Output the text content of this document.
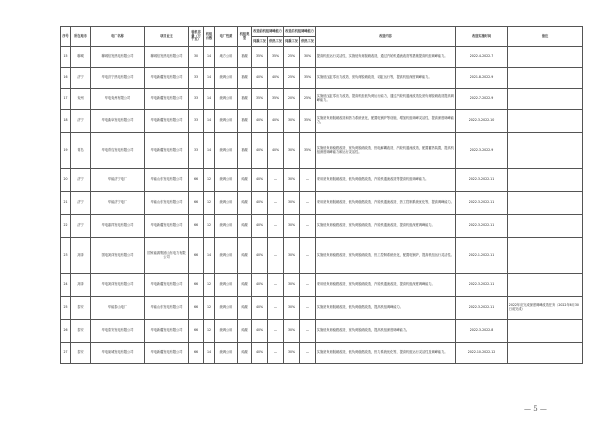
序号	所在地市	电厂名称	项目业主	装机容量（万千瓦）	机组台数	电厂性质	机组类型	改造前机组调峰能力		改造后机组调峰能力		改造内容	改造实施时间	备注
								纯凝工况	供热工况	纯凝工况	供热工况			
15	聊城	聊城信发热电有限公司	聊城信发热电有限公司	30	14	地方公用	抽凝	35%	35%	25%	30%	提高机组运行灵活性，实施低负荷脱硝改造，通过汽轮机通流改造等措施提高机组调峰能力。	2022.4-2022.7	
16	济宁	华电济宁热电有限公司	华电新疆发电有限公司	33	14	统调公用	抽凝	40%	40%	25%	35%	实施低压缸零出力改造、宽负荷脱硝改造、切缸运行等，提高机组深度调峰能力。	2021.8-2022.9	
17	兖州	华电兖州有限公司	华电新疆发电有限公司	33	14	统调公用	抽凝	35%	35%	20%	25%	实施低压缸零出力改造，提高机组低负荷运行能力，通过汽轮机通流改造及宽负荷脱硝改造提高调峰能力。	2022.7-2022.9	
18	济宁	华电曲阜发电有限公司	华电新疆发电有限公司	33	14	统调公用	抽凝	40%	40%	30%	35%	实施宽负荷脱硝改造和热力系统优化，配置电锅炉等设施，增加机组调峰灵活性，提高深度调峰能力。	2022.3-2022.10	
19	青岛	华电青岛发电有限公司	华电新疆发电有限公司	33	14	统调公用	抽凝	40%	40%	30%	35%	实施低负荷稳燃改造、宽负荷脱硝改造、热电解耦改造、汽轮机通流改造，配置蓄热装置，提高机组深度调峰能力和运行灵活性。	2022.3-2022.9	
20	济宁	华能济宁电厂	华能山东发电有限公司	66	12	统调公用	纯凝	40%	—	30%	—	采用宽负荷脱硝改造，低负荷稳燃改造，汽轮机通流改造等提高机组调峰能力。	2022.3-2022.11	
21	济宁	华能济宁电厂	华能山东发电有限公司	66	12	统调公用	纯凝	40%	—	30%	—	采用宽负荷脱硝改造、低负荷稳燃改造、汽轮机通流改造、热工控制系统优化等，提高调峰能力。	2022.3-2022.11	
22	济宁	华电嘉祥发电有限公司	华电新疆发电有限公司	66	12	统调公用	纯凝	40%	—	30%	—	实施低负荷稳燃改造、宽负荷脱硝改造、汽轮机通流改造，提高机组深度调峰能力。	2022.3-2022.11	
23	菏泽	国电菏泽发电有限公司	国家能源集团山东电力有限公司	66	14	统调公用	纯凝	40%	—	30%	—	实施低负荷稳燃改造、宽负荷脱硝改造、热工控制系统优化，配置电锅炉，提高机组运行灵活性。	2022.1-2022.11	
24	菏泽	华电菏泽发电有限公司	华电新疆发电有限公司	66	12	统调公用	纯凝	40%	—	30%	—	采用低负荷稳燃改造、宽负荷脱硝改造、汽轮机通流改造，提高机组深度调峰能力。	2022.3-2022.11	
25	泰安	华能泰山电厂	华能山东发电有限公司	66	12	统调公用	纯凝	40%	—	30%	—	实施宽负荷脱硝改造，低负荷稳燃改造，提高机组调峰能力。	2022.3-2022.11	2022年应完成深度调峰改造任务（2022年6月30日前完成）
26	泰安	华电泰安发电有限公司	华电新疆发电有限公司	66	12	统调公用	纯凝	40%	—	30%	—	实施低负荷稳燃改造、宽负荷脱硝改造，提高机组深度调峰能力。	2022.3-2022.8	
27	泰安	华电莱城发电有限公司	华电新疆发电有限公司	66	14	统调公用	纯凝	40%	—	30%	—	实施宽负荷脱硝改造，低负荷稳燃改造，热力系统优化等，提高机组运行灵活性及调峰能力。	2022.10-2022.12	
— 5 —
